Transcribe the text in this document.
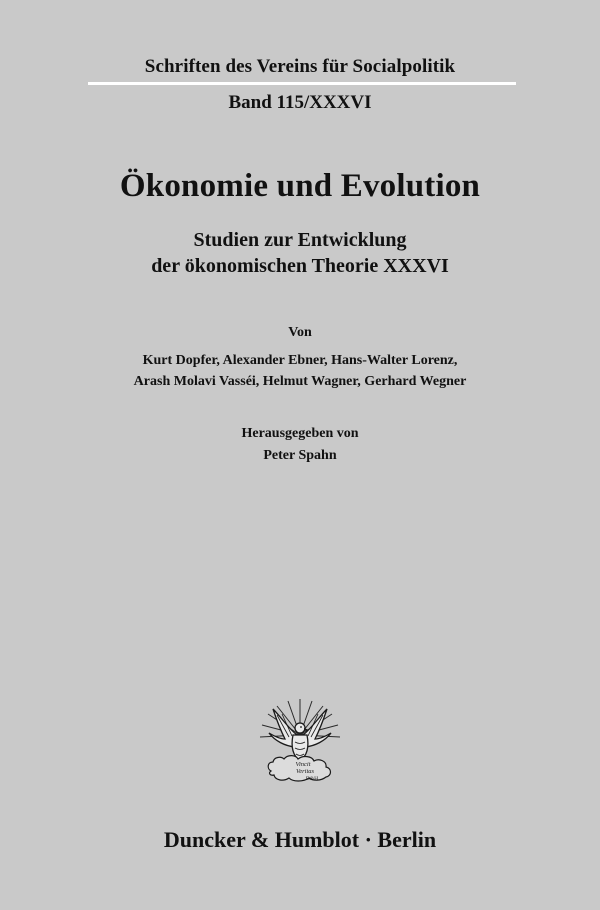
Schriften des Vereins für Socialpolitik
Band 115/XXXVI
Ökonomie und Evolution
Studien zur Entwicklung
der ökonomischen Theorie XXXVI
Von
Kurt Dopfer, Alexander Ebner, Hans-Walter Lorenz,
Arash Molavi Vasséi, Helmut Wagner, Gerhard Wegner
Herausgegeben von
Peter Spahn
Vincit
Veritas
D&H
Duncker & Humblot · Berlin
